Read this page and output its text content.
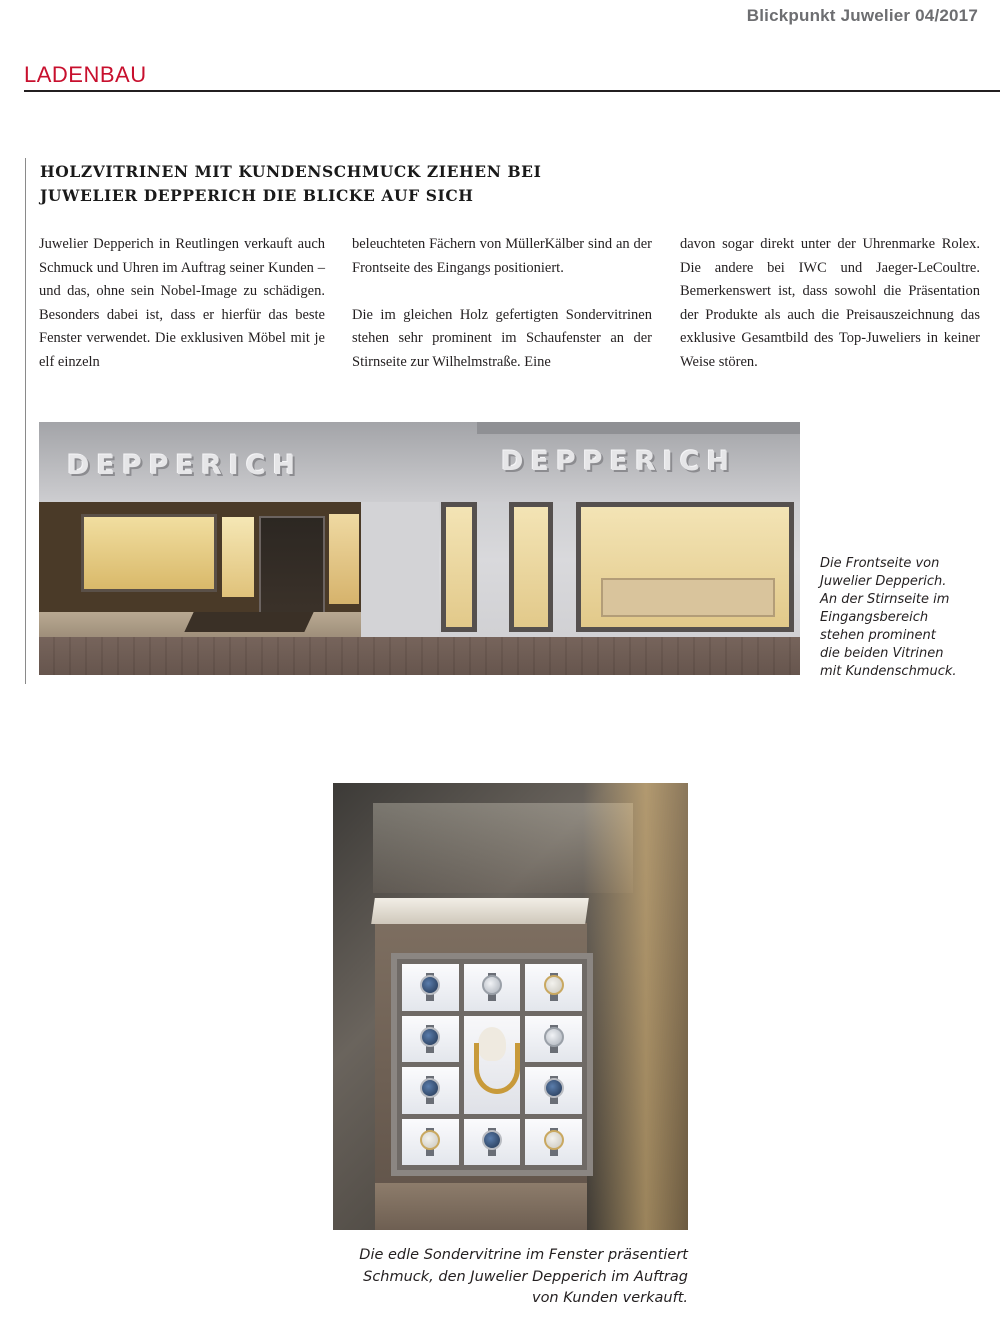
Blickpunkt Juwelier 04/2017
LADENBAU
HOLZVITRINEN MIT KUNDENSCHMUCK ZIEHEN BEI
JUWELIER DEPPERICH DIE BLICKE AUF SICH

Juwelier Depperich in Reutlingen verkauft auch Schmuck und Uhren im Auftrag seiner Kunden – und das, ohne sein Nobel-Image zu schädigen. Besonders dabei ist, dass er hierfür das beste Fenster verwendet. Die exklusiven Möbel mit je elf einzeln

beleuchteten Fächern von MüllerKälber sind an der Frontseite des Eingangs positioniert.

Die im gleichen Holz gefertigten Sondervitrinen stehen sehr prominent im Schaufenster an der Stirnseite zur Wilhelmstraße. Eine

davon sogar direkt unter der Uhrenmarke Rolex. Die andere bei IWC und Jaeger-LeCoultre. Bemerkenswert ist, dass sowohl die Präsentation der Produkte als auch die Preisauszeichnung das exklusive Gesamtbild des Top-Juweliers in keiner Weise stören.

DEPPERICH	DEPPERICH
Die Frontseite von
Juwelier Depperich.
An der Stirnseite im
Eingangsbereich
stehen prominent
die beiden Vitrinen
mit Kundenschmuck.
Die edle Sondervitrine im Fenster präsentiert
Schmuck, den Juwelier Depperich im Auftrag
von Kunden verkauft.
